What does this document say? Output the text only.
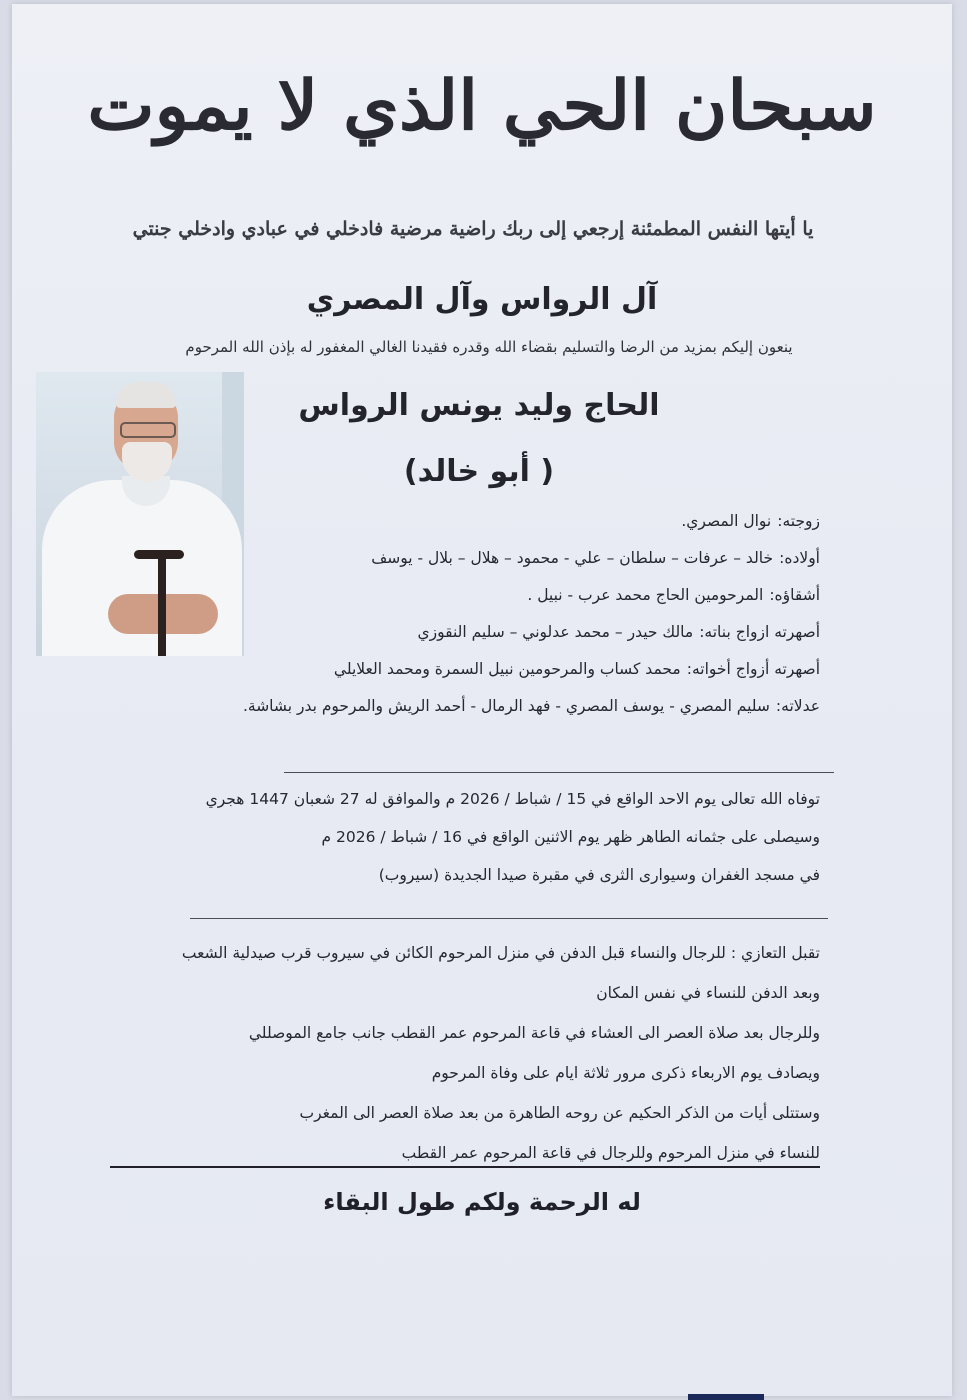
سبحان الحي الذي لا يموت
يا أيتها النفس المطمئنة إرجعي إلى ربك راضية مرضية فادخلي في عبادي وادخلي جنتي
آل الرواس وآل المصري
ينعون إليكم بمزيد من الرضا والتسليم بقضاء الله وقدره فقيدنا الغالي المغفور له بإذن الله المرحوم
الحاج وليد يونس الرواس
( أبو خالد)
زوجته:نوال المصري.
أولاده:خالد – عرفات – سلطان – علي - محمود – هلال – بلال - يوسف
أشقاؤه:المرحومين الحاج محمد عرب - نبيل .
أصهرته ازواج بناته:مالك حيدر – محمد عدلوني – سليم النقوزي
أصهرته أزواج أخواته:محمد كساب والمرحومين نبيل السمرة ومحمد العلايلي
عدلاته:سليم المصري - يوسف المصري - فهد الرمال - أحمد الريش والمرحوم بدر بشاشة.
توفاه الله تعالى يوم الاحد الواقع في 15 / شباط / 2026 م والموافق له 27 شعبان 1447 هجري
وسيصلى على جثمانه الطاهر ظهر يوم الاثنين الواقع في 16 / شباط / 2026 م
في مسجد الغفران وسيوارى الثرى في مقبرة صيدا الجديدة (سيروب)
تقبل التعازي : للرجال والنساء قبل الدفن في منزل المرحوم الكائن في سيروب قرب صيدلية الشعب
وبعد الدفن للنساء في نفس المكان
وللرجال بعد صلاة العصر الى العشاء في قاعة المرحوم عمر القطب جانب جامع الموصللي
ويصادف يوم الاربعاء ذكرى مرور ثلاثة ايام على وفاة المرحوم
وستتلى أيات من الذكر الحكيم عن روحه الطاهرة من بعد صلاة العصر الى المغرب
للنساء في منزل المرحوم وللرجال في قاعة المرحوم عمر القطب
له الرحمة ولكم طول البقاء
